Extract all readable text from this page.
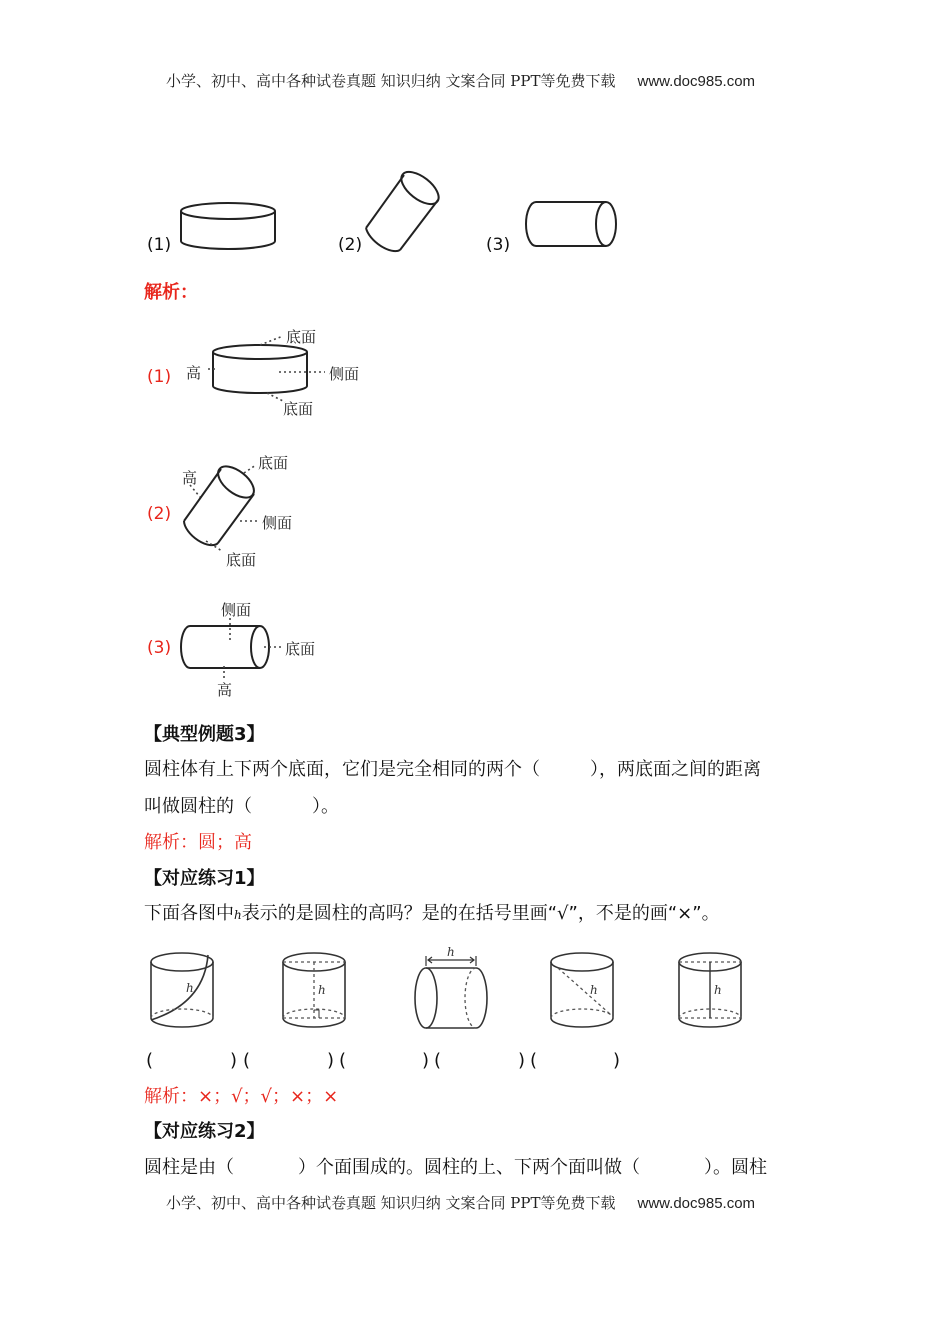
小学、初中、高中各种试卷真题 知识归纳 文案合同 PPT等免费下载 www.doc985.com
(1)	(2)	(3)
解析：
(1) 高
底面
侧面
底面
(2)
高
底面
侧面
底面
(3)
侧面
底面
高
【典型例题3】
圆柱体有上下两个底面，它们是完全相同的两个（	），两底面之间的距离
叫做圆柱的（	）。
解析：圆；高
【对应练习1】
下面各图中h表示的是圆柱的高吗？是的在括号里画“√”，不是的画“×”。
h	h
h
h	h
(	) (	) (	) (	) (	)
解析：×；√；√；×；×
【对应练习2】
圆柱是由（	）个面围成的。圆柱的上、下两个面叫做（	）。圆柱
小学、初中、高中各种试卷真题 知识归纳 文案合同 PPT等免费下载 www.doc985.com
